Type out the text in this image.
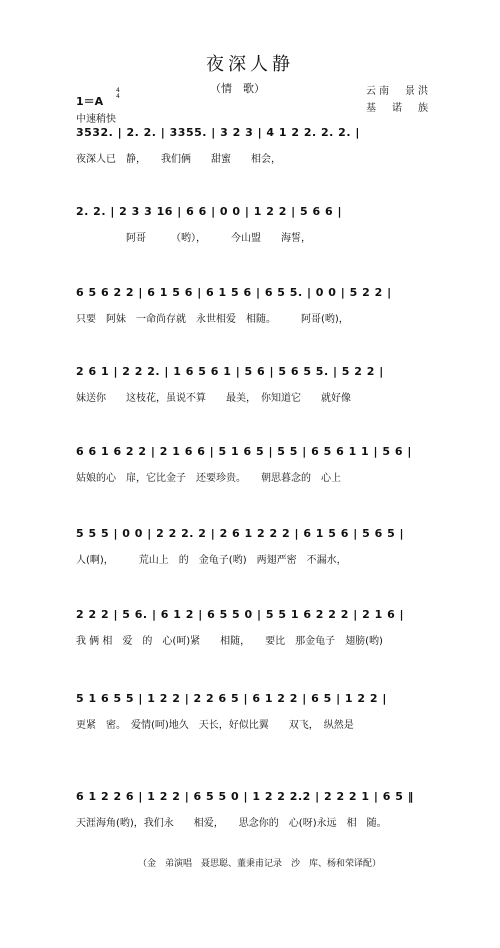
夜深人静
（情　歌）	云南　景洪
基　诺　族
1＝A
4
4
中速稍快
3532. | 2. 2. | 3355. | 3 2 3 | 4 1 2 2. 2. 2. |
夜深人已　静，　　我们俩　　甜蜜　　相会，
2. 2. | 2 3 3 16 | 6 6 | 0 0 | 1 2 2 | 5 6 6 |
　　　　　阿哥　　　（哟），　　　今山盟　　海誓，
6 5 6 2 2 | 6 1 5 6 | 6 1 5 6 | 6 5 5. | 0 0 | 5 2 2 |
只要　阿妹　一命尚存就　永世相爱　相随。　　　阿哥(哟)，
2 6 1 | 2 2 2. | 1 6 5 6 1 | 5 6 | 5 6 5 5. | 5 2 2 |
妹送你　　这枝花，虽说不算　　最美，　你知道它　　就好像
6 6 1 6 2 2 | 2 1 6 6 | 5 1 6 5 | 5 5 | 6 5 6 1 1 | 5 6 |
姑娘的心　扉，它比金子　还要珍贵。　　朝思暮念的　心上
5 5 5 | 0 0 | 2 2 2. 2 | 2 6 1 2 2 2 | 6 1 5 6 | 5 6 5 |
人(啊)，　　　荒山上　的　金龟子(哟)　两翅严密　不漏水，
2 2 2 | 5 6. | 6 1 2 | 6 5 5 0 | 5 5 1 6 2 2 2 | 2 1 6 |
我 俩 相　爱　的　心(呵)紧　　相随，　　要比　那金龟子　翅膀(哟)
5 1 6 5 5 | 1 2 2 | 2 2 6 5 | 6 1 2 2 | 6 5 | 1 2 2 |
更紧　密。　爱情(呵)地久　天长，好似比翼　　双飞，　纵然是
6 1 2 2 6 | 1 2 2 | 6 5 5 0 | 1 2 2 2.2 | 2 2 2 1 | 6 5 ‖
天涯海角(哟)，我们永　　相爱，　　思念你的　心(呀)永远　相　随。
（金　弟演唱　聂思聪、董秉甫记录　沙　库、杨和荣译配）
